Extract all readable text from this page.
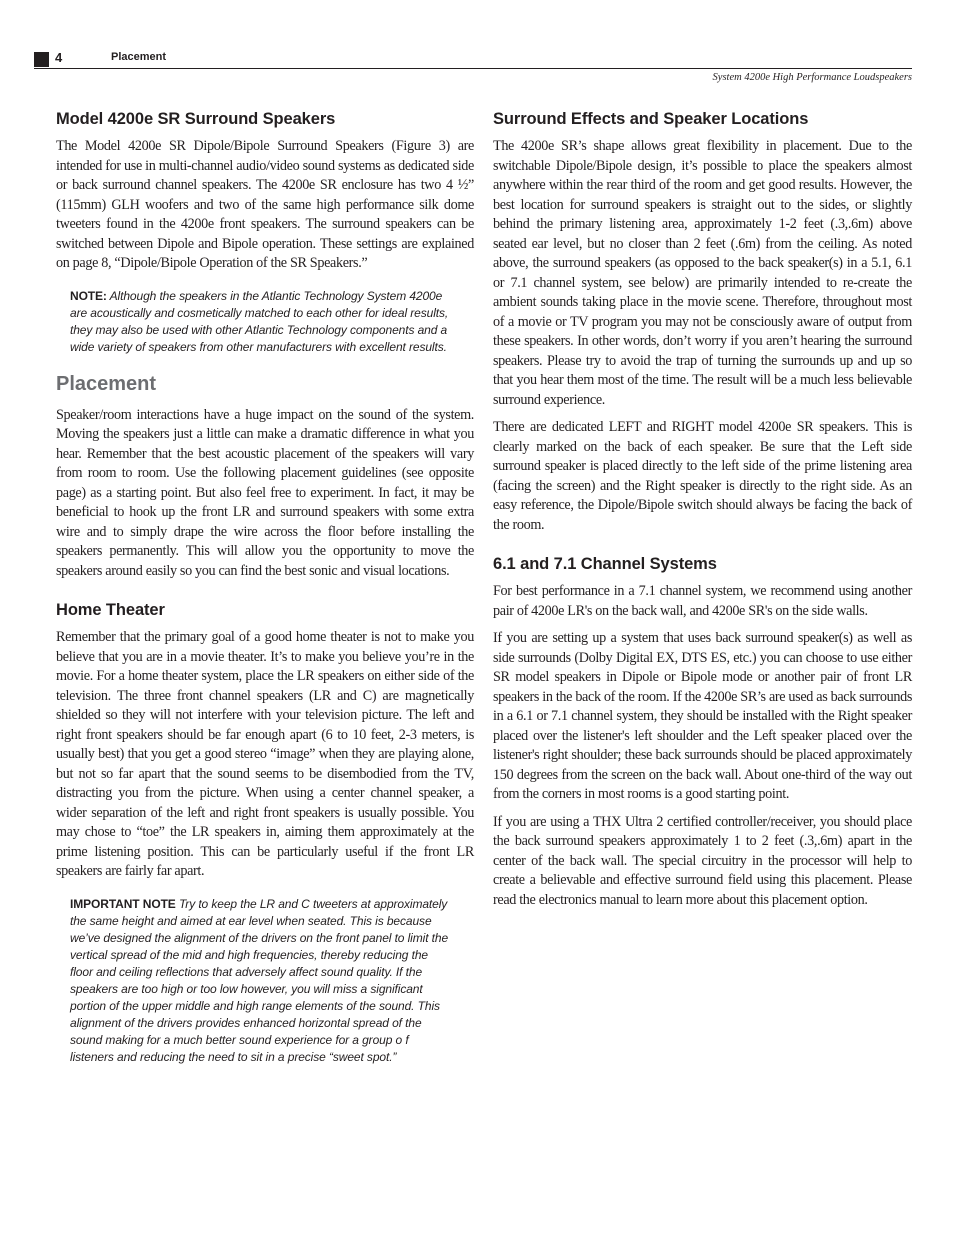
4	Placement
System 4200e High Performance Loudspeakers
Model 4200e SR Surround Speakers

The Model 4200e SR Dipole/Bipole Surround Speakers (Figure 3) are intended for use in multi-channel audio/video sound systems as dedicated side or back surround channel speakers. The 4200e SR enclosure has two 4 ½” (115mm) GLH woofers and two of the same high performance silk dome tweeters found in the 4200e front speakers. The surround speakers can be switched between Dipole and Bipole operation. These settings are explained on page 8, “Dipole/Bipole Operation of the SR Speakers.”

NOTE: Although the speakers in the Atlantic Technology System 4200e are acoustically and cosmetically matched to each other for ideal results, they may also be used with other Atlantic Technology components and a wide variety of speakers from other manufacturers with excellent results.
Placement

Speaker/room interactions have a huge impact on the sound of the system. Moving the speakers just a little can make a dramatic difference in what you hear. Remember that the best acoustic placement of the speakers will vary from room to room. Use the following placement guidelines (see opposite page) as a starting point. But also feel free to experiment. In fact, it may be beneficial to hook up the front LR and surround speakers with some extra wire and to simply drape the wire across the floor before installing the speakers permanently. This will allow you the opportunity to move the speakers around easily so you can find the best sonic and visual locations.

Home Theater

Remember that the primary goal of a good home theater is not to make you believe that you are in a movie theater. It’s to make you believe you’re in the movie. For a home theater system, place the LR speakers on either side of the television. The three front channel speakers (LR and C) are magnetically shielded so they will not interfere with your television picture. The left and right front speakers should be far enough apart (6 to 10 feet, 2-3 meters, is usually best) that you get a good stereo “image” when they are playing alone, but not so far apart that the sound seems to be disembodied from the TV, distracting you from the picture. When using a center channel speaker, a wider separation of the left and right front speakers is usually possible. You may chose to “toe” the LR speakers in, aiming them approximately at the prime listening position. This can be particularly useful if the front LR speakers are fairly far apart.

IMPORTANT NOTE Try to keep the LR and C tweeters at approximately the same height and aimed at ear level when seated. This is because we’ve designed the alignment of the drivers on the front panel to limit the vertical spread of the mid and high frequencies, thereby reducing the floor and ceiling reflections that adversely affect sound quality. If the speakers are too high or too low however, you will miss a significant portion of the upper middle and high range elements of the sound. This alignment of the drivers provides enhanced horizontal spread of the sound making for a much better sound experience for a group o f listeners and reducing the need to sit in a precise “sweet spot.”
Surround Effects and Speaker Locations

The 4200e SR’s shape allows great flexibility in placement. Due to the switchable Dipole/Bipole design, it’s possible to place the speakers almost anywhere within the rear third of the room and get good results. However, the best location for surround speakers is straight out to the sides, or slightly behind the primary listening area, approximately 1-2 feet (.3,.6m) above seated ear level, but no closer than 2 feet (.6m) from the ceiling. As noted above, the surround speakers (as opposed to the back speaker(s) in a 5.1, 6.1 or 7.1 channel system, see below) are primarily intended to re-create the ambient sounds taking place in the movie scene. Therefore, throughout most of a movie or TV program you may not be consciously aware of output from these speakers. In other words, don’t worry if you aren’t hearing the surround speakers. Please try to avoid the trap of turning the surrounds up and up so that you hear them most of the time. The result will be a much less believable surround experience.

There are dedicated LEFT and RIGHT model 4200e SR speakers. This is clearly marked on the back of each speaker. Be sure that the Left side surround speaker is placed directly to the left side of the prime listening area (facing the screen) and the Right speaker is directly to the right side. As an easy reference, the Dipole/Bipole switch should always be facing the back of the room.

6.1 and 7.1 Channel Systems

For best performance in a 7.1 channel system, we recommend using another pair of 4200e LR's on the back wall, and 4200e SR's on the side walls.

If you are setting up a system that uses back surround speaker(s) as well as side surrounds (Dolby Digital EX, DTS ES, etc.) you can choose to use either SR model speakers in Dipole or Bipole mode or another pair of front LR speakers in the back of the room. If the 4200e SR’s are used as back surrounds in a 6.1 or 7.1 channel system, they should be installed with the Right speaker placed over the listener's left shoulder and the Left speaker placed over the listener's right shoulder; these back surrounds should be placed approximately 150 degrees from the screen on the back wall. About one-third of the way out from the corners in most rooms is a good starting point.

If you are using a THX Ultra 2 certified controller/receiver, you should place the back surround speakers approximately 1 to 2 feet (.3,.6m) apart in the center of the back wall. The special circuitry in the processor will help to create a believable and effective surround field using this placement. Please read the electronics manual to learn more about this placement option.
